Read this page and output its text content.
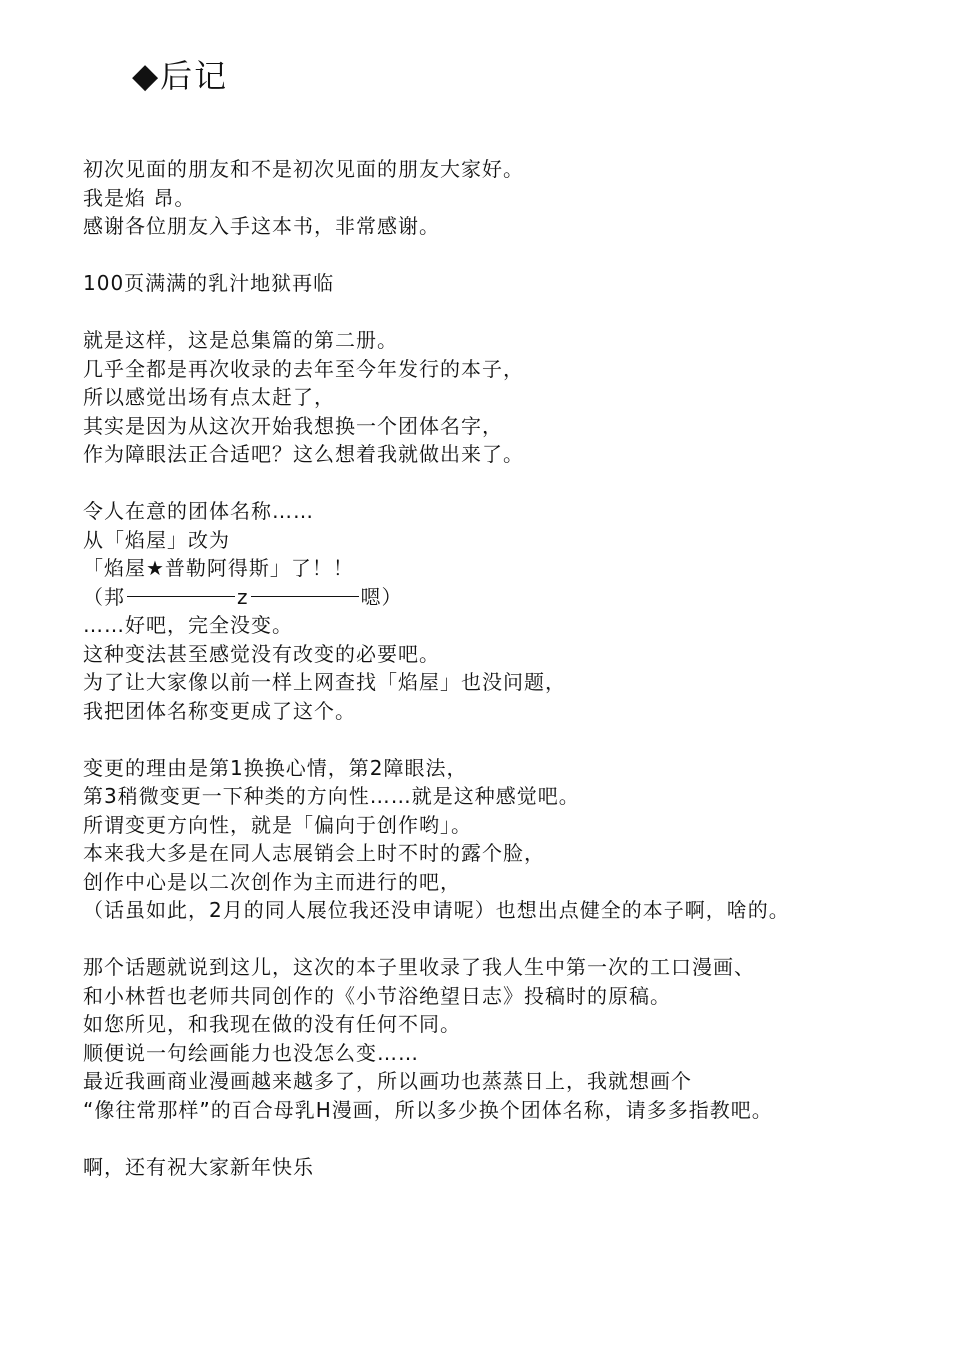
◆ 后记
初次见面的朋友和不是初次见面的朋友大家好。
我是焰 昂。
感谢各位朋友入手这本书，非常感谢。
100页满满的乳汁地狱再临
就是这样，这是总集篇的第二册。
几乎全都是再次收录的去年至今年发行的本子，
所以感觉出场有点太赶了，
其实是因为从这次开始我想换一个团体名字，
作为障眼法正合适吧？这么想着我就做出来了。
令人在意的团体名称……
从「焰屋」改为
「焰屋★普勒阿得斯」了！！
（邦	z	嗯）
……好吧，完全没变。
这种变法甚至感觉没有改变的必要吧。
为了让大家像以前一样上网查找「焰屋」也没问题，
我把团体名称变更成了这个。
变更的理由是第1换换心情，第2障眼法，
第3稍微变更一下种类的方向性……就是这种感觉吧。
所谓变更方向性，就是「偏向于创作哟」。
本来我大多是在同人志展销会上时不时的露个脸，
创作中心是以二次创作为主而进行的吧，
（话虽如此，2月的同人展位我还没申请呢）也想出点健全的本子啊，啥的。
那个话题就说到这儿，这次的本子里收录了我人生中第一次的工口漫画、
和小林哲也老师共同创作的《小节浴绝望日志》投稿时的原稿。
如您所见，和我现在做的没有任何不同。
顺便说一句绘画能力也没怎么变……
最近我画商业漫画越来越多了，所以画功也蒸蒸日上，我就想画个
“像往常那样”的百合母乳H漫画，所以多少换个团体名称，请多多指教吧。
啊，还有祝大家新年快乐
